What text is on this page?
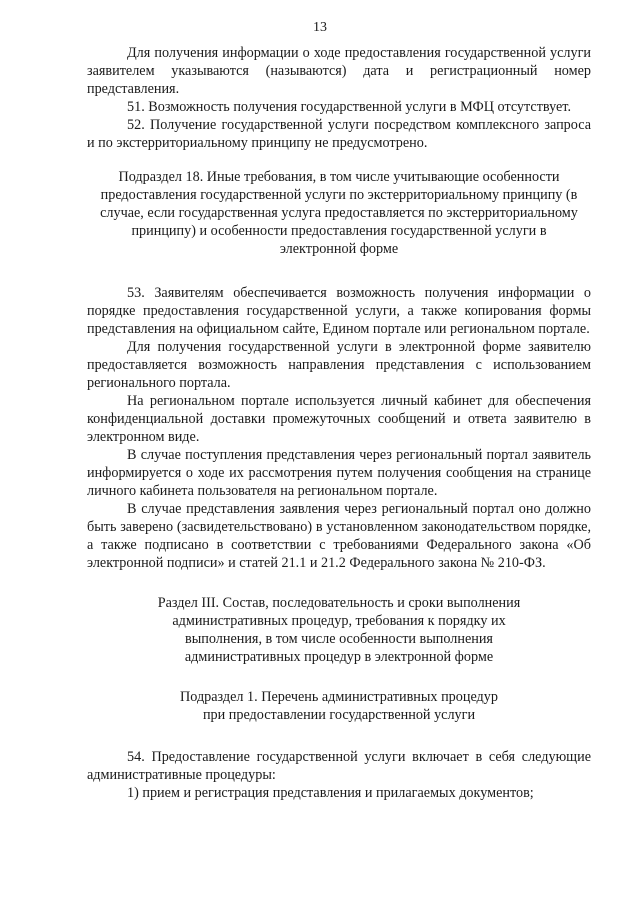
13

Для получения информации о ходе предоставления государственной услуги заявителем указываются (называются) дата и регистрационный номер представления.

51. Возможность получения государственной услуги в МФЦ отсутствует.

52. Получение государственной услуги посредством комплексного запроса и по экстерриториальному принципу не предусмотрено.

Подраздел 18. Иные требования, в том числе учитывающие особенности предоставления государственной услуги по экстерриториальному принципу (в случае, если государственная услуга предоставляется по экстерриториальному принципу) и особенности предоставления государственной услуги в электронной форме

53. Заявителям обеспечивается возможность получения информации о порядке предоставления государственной услуги, а также копирования формы представления на официальном сайте, Едином портале или региональном портале.

Для получения государственной услуги в электронной форме заявителю предоставляется возможность направления представления с использованием регионального портала.

На региональном портале используется личный кабинет для обеспечения конфиденциальной доставки промежуточных сообщений и ответа заявителю в электронном виде.

В случае поступления представления через региональный портал заявитель информируется о ходе их рассмотрения путем получения сообщения на странице личного кабинета пользователя на региональном портале.

В случае представления заявления через региональный портал оно должно быть заверено (засвидетельствовано) в установленном законодательством порядке, а также подписано в соответствии с требованиями Федерального закона «Об электронной подписи» и статей 21.1 и 21.2 Федерального закона № 210-ФЗ.

Раздел III. Состав, последовательность и сроки выполнения

административных процедур, требования к порядку их

выполнения, в том числе особенности выполнения

административных процедур в электронной форме

Подраздел 1. Перечень административных процедур

при предоставлении государственной услуги

54. Предоставление государственной услуги включает в себя следующие административные процедуры:

1) прием и регистрация представления и прилагаемых документов;
